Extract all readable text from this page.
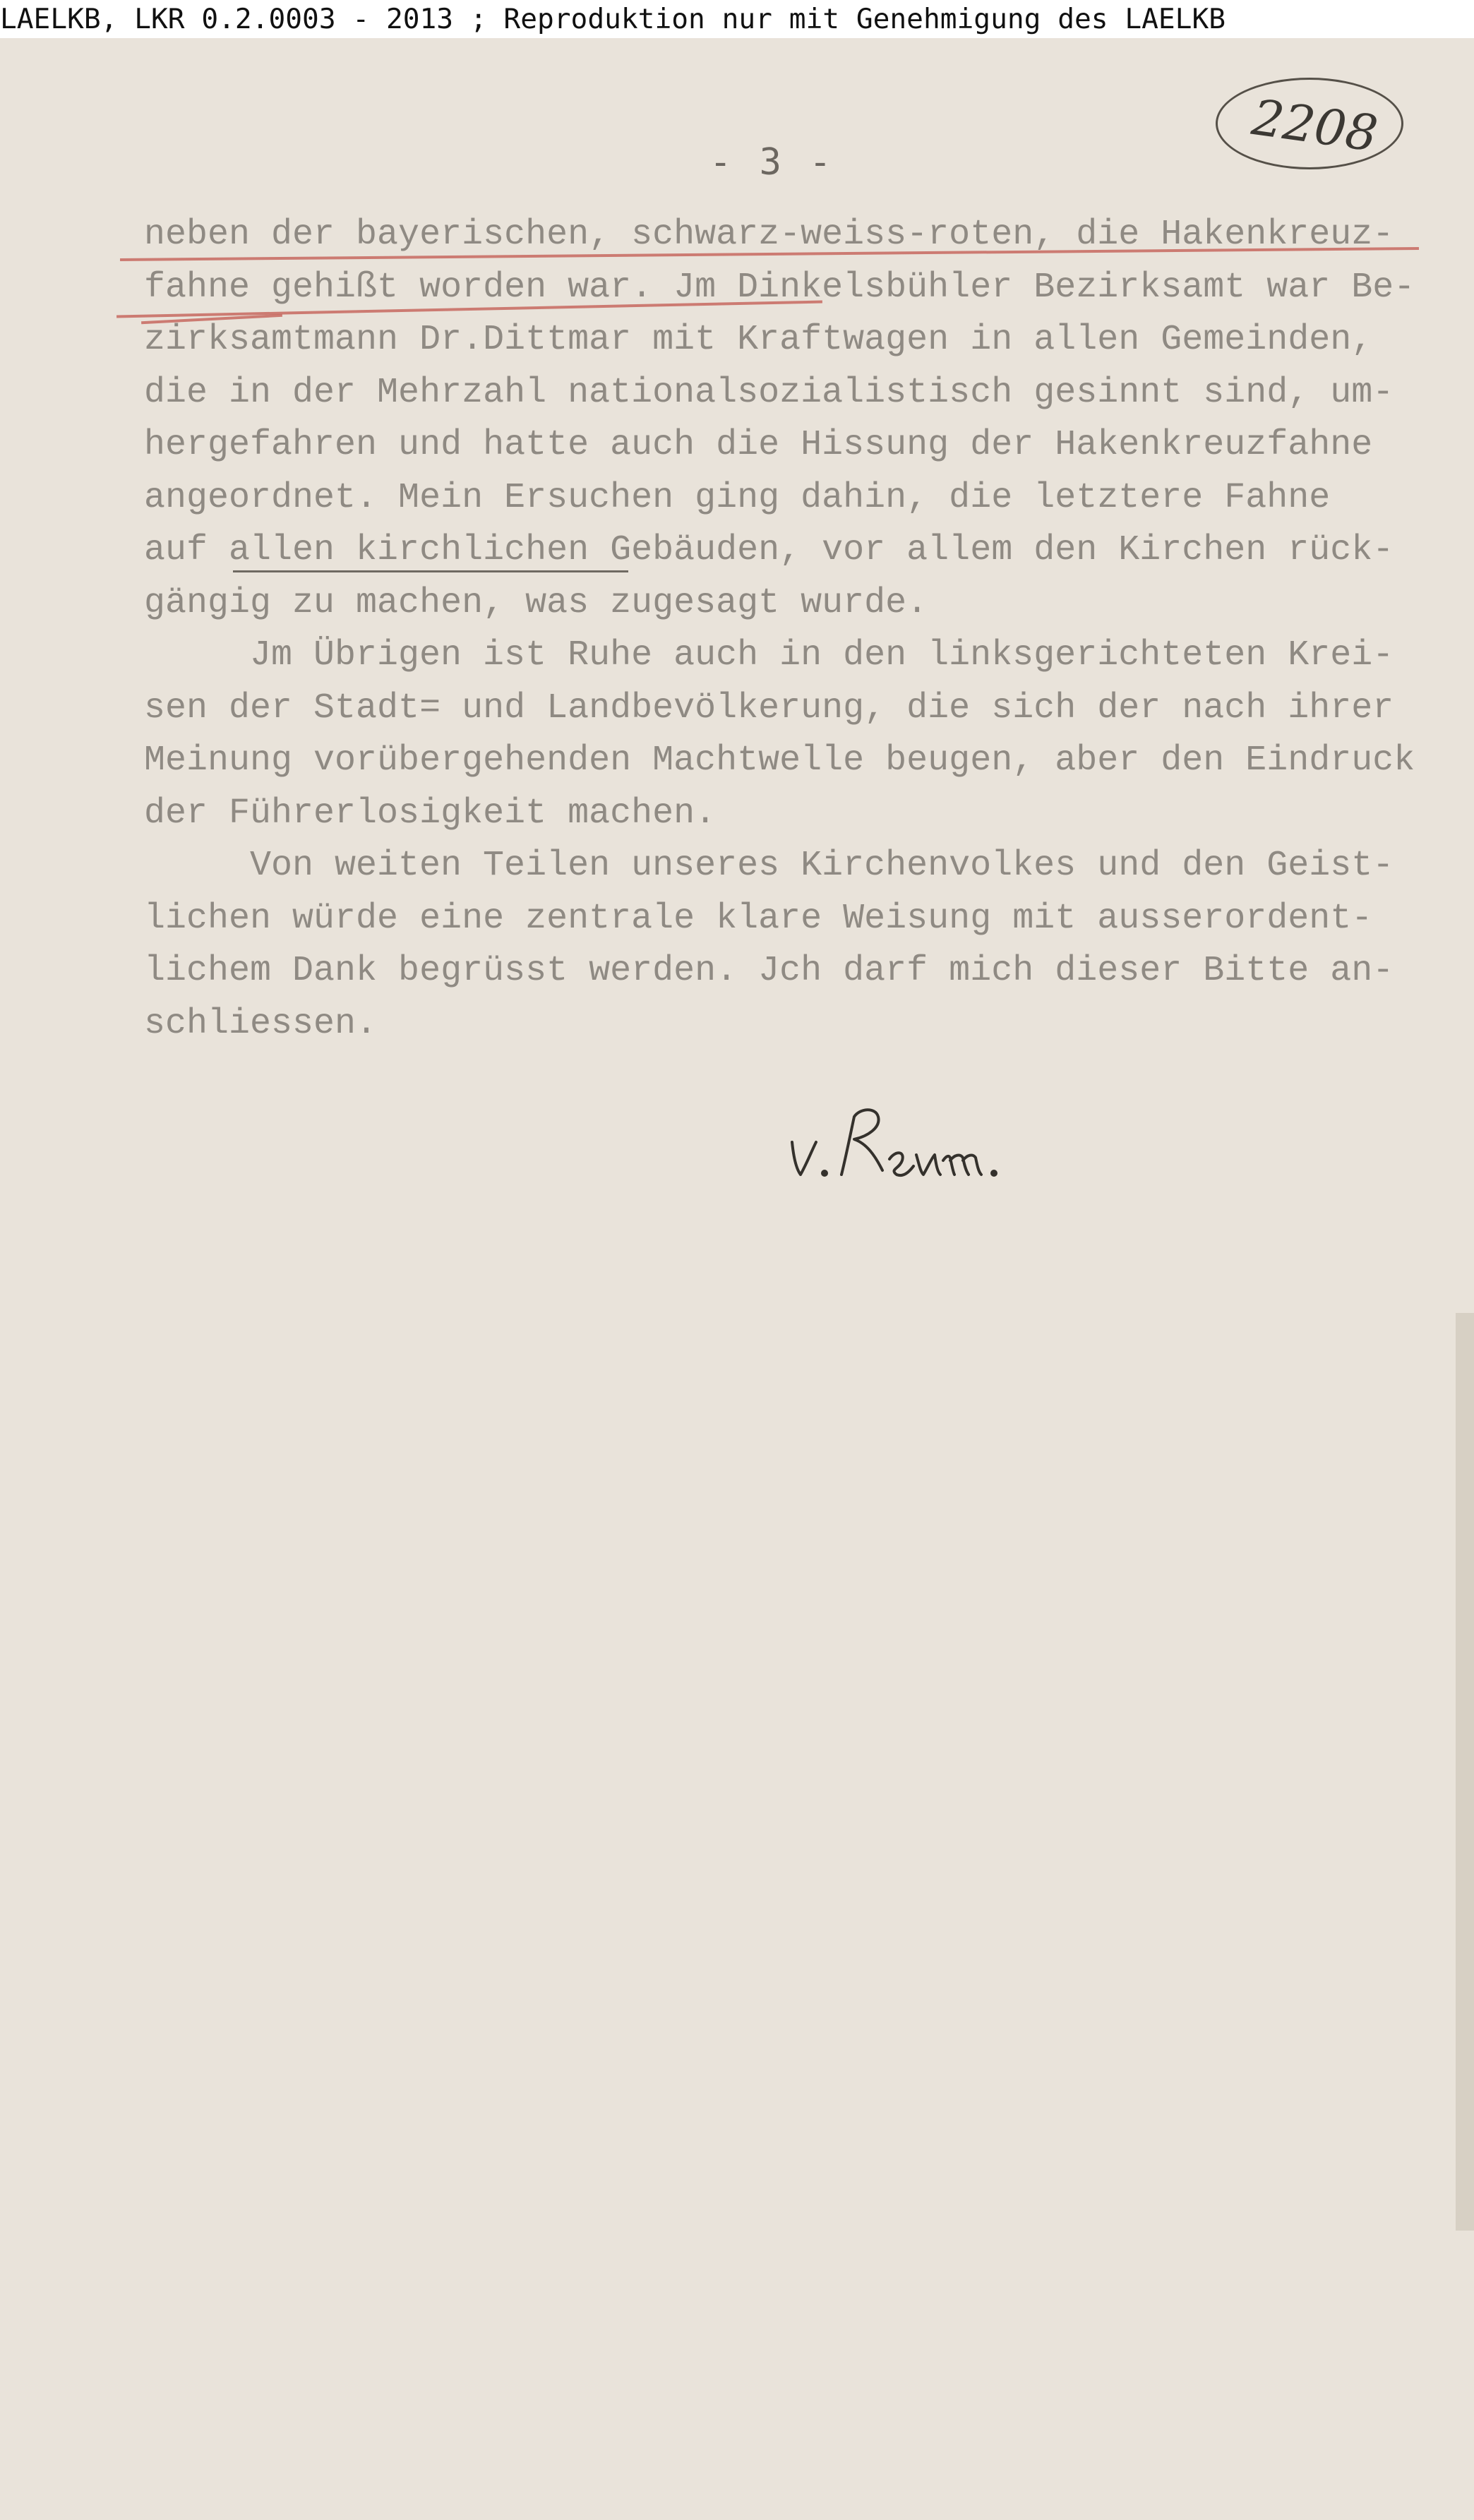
LAELKB, LKR 0.2.0003 - 2013 ; Reproduktion nur mit Genehmigung des LAELKB
2208
- 3 -
neben der bayerischen, schwarz-weiss-roten, die Hakenkreuz-
fahne gehißt worden war. Jm Dinkelsbühler Bezirksamt war Be-
zirksamtmann Dr.Dittmar mit Kraftwagen in allen Gemeinden,
die in der Mehrzahl nationalsozialistisch gesinnt sind, um-
hergefahren und hatte auch die Hissung der Hakenkreuzfahne
angeordnet. Mein Ersuchen ging dahin, die letztere Fahne
auf allen kirchlichen Gebäuden, vor allem den Kirchen rück-
gängig zu machen, was zugesagt wurde.
Jm Übrigen ist Ruhe auch in den linksgerichteten Krei-
sen der Stadt= und Landbevölkerung, die sich der nach ihrer
Meinung vorübergehenden Machtwelle beugen, aber den Eindruck
der Führerlosigkeit machen.
Von weiten Teilen unseres Kirchenvolkes und den Geist-
lichen würde eine zentrale klare Weisung mit ausserordent-
lichem Dank begrüsst werden. Jch darf mich dieser Bitte an-
schliessen.
